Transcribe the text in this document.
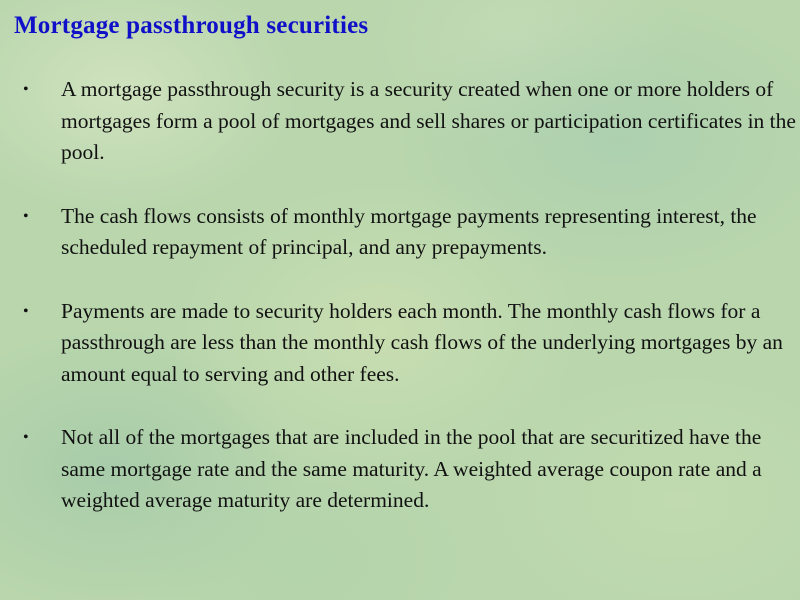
Mortgage passthrough securities
• A mortgage passthrough security is a security created when one or more holders of mortgages form a pool of mortgages and sell shares or participation certificates in the pool.
• The cash flows consists of monthly mortgage payments representing interest, the scheduled repayment of principal, and any prepayments.
• Payments are made to security holders each month. The monthly cash flows for a passthrough are less than the monthly cash flows of the underlying mortgages by an amount equal to serving and other fees.
• Not all of the mortgages that are included in the pool that are securitized have the same mortgage rate and the same maturity. A weighted average coupon rate and a weighted average maturity are determined.
